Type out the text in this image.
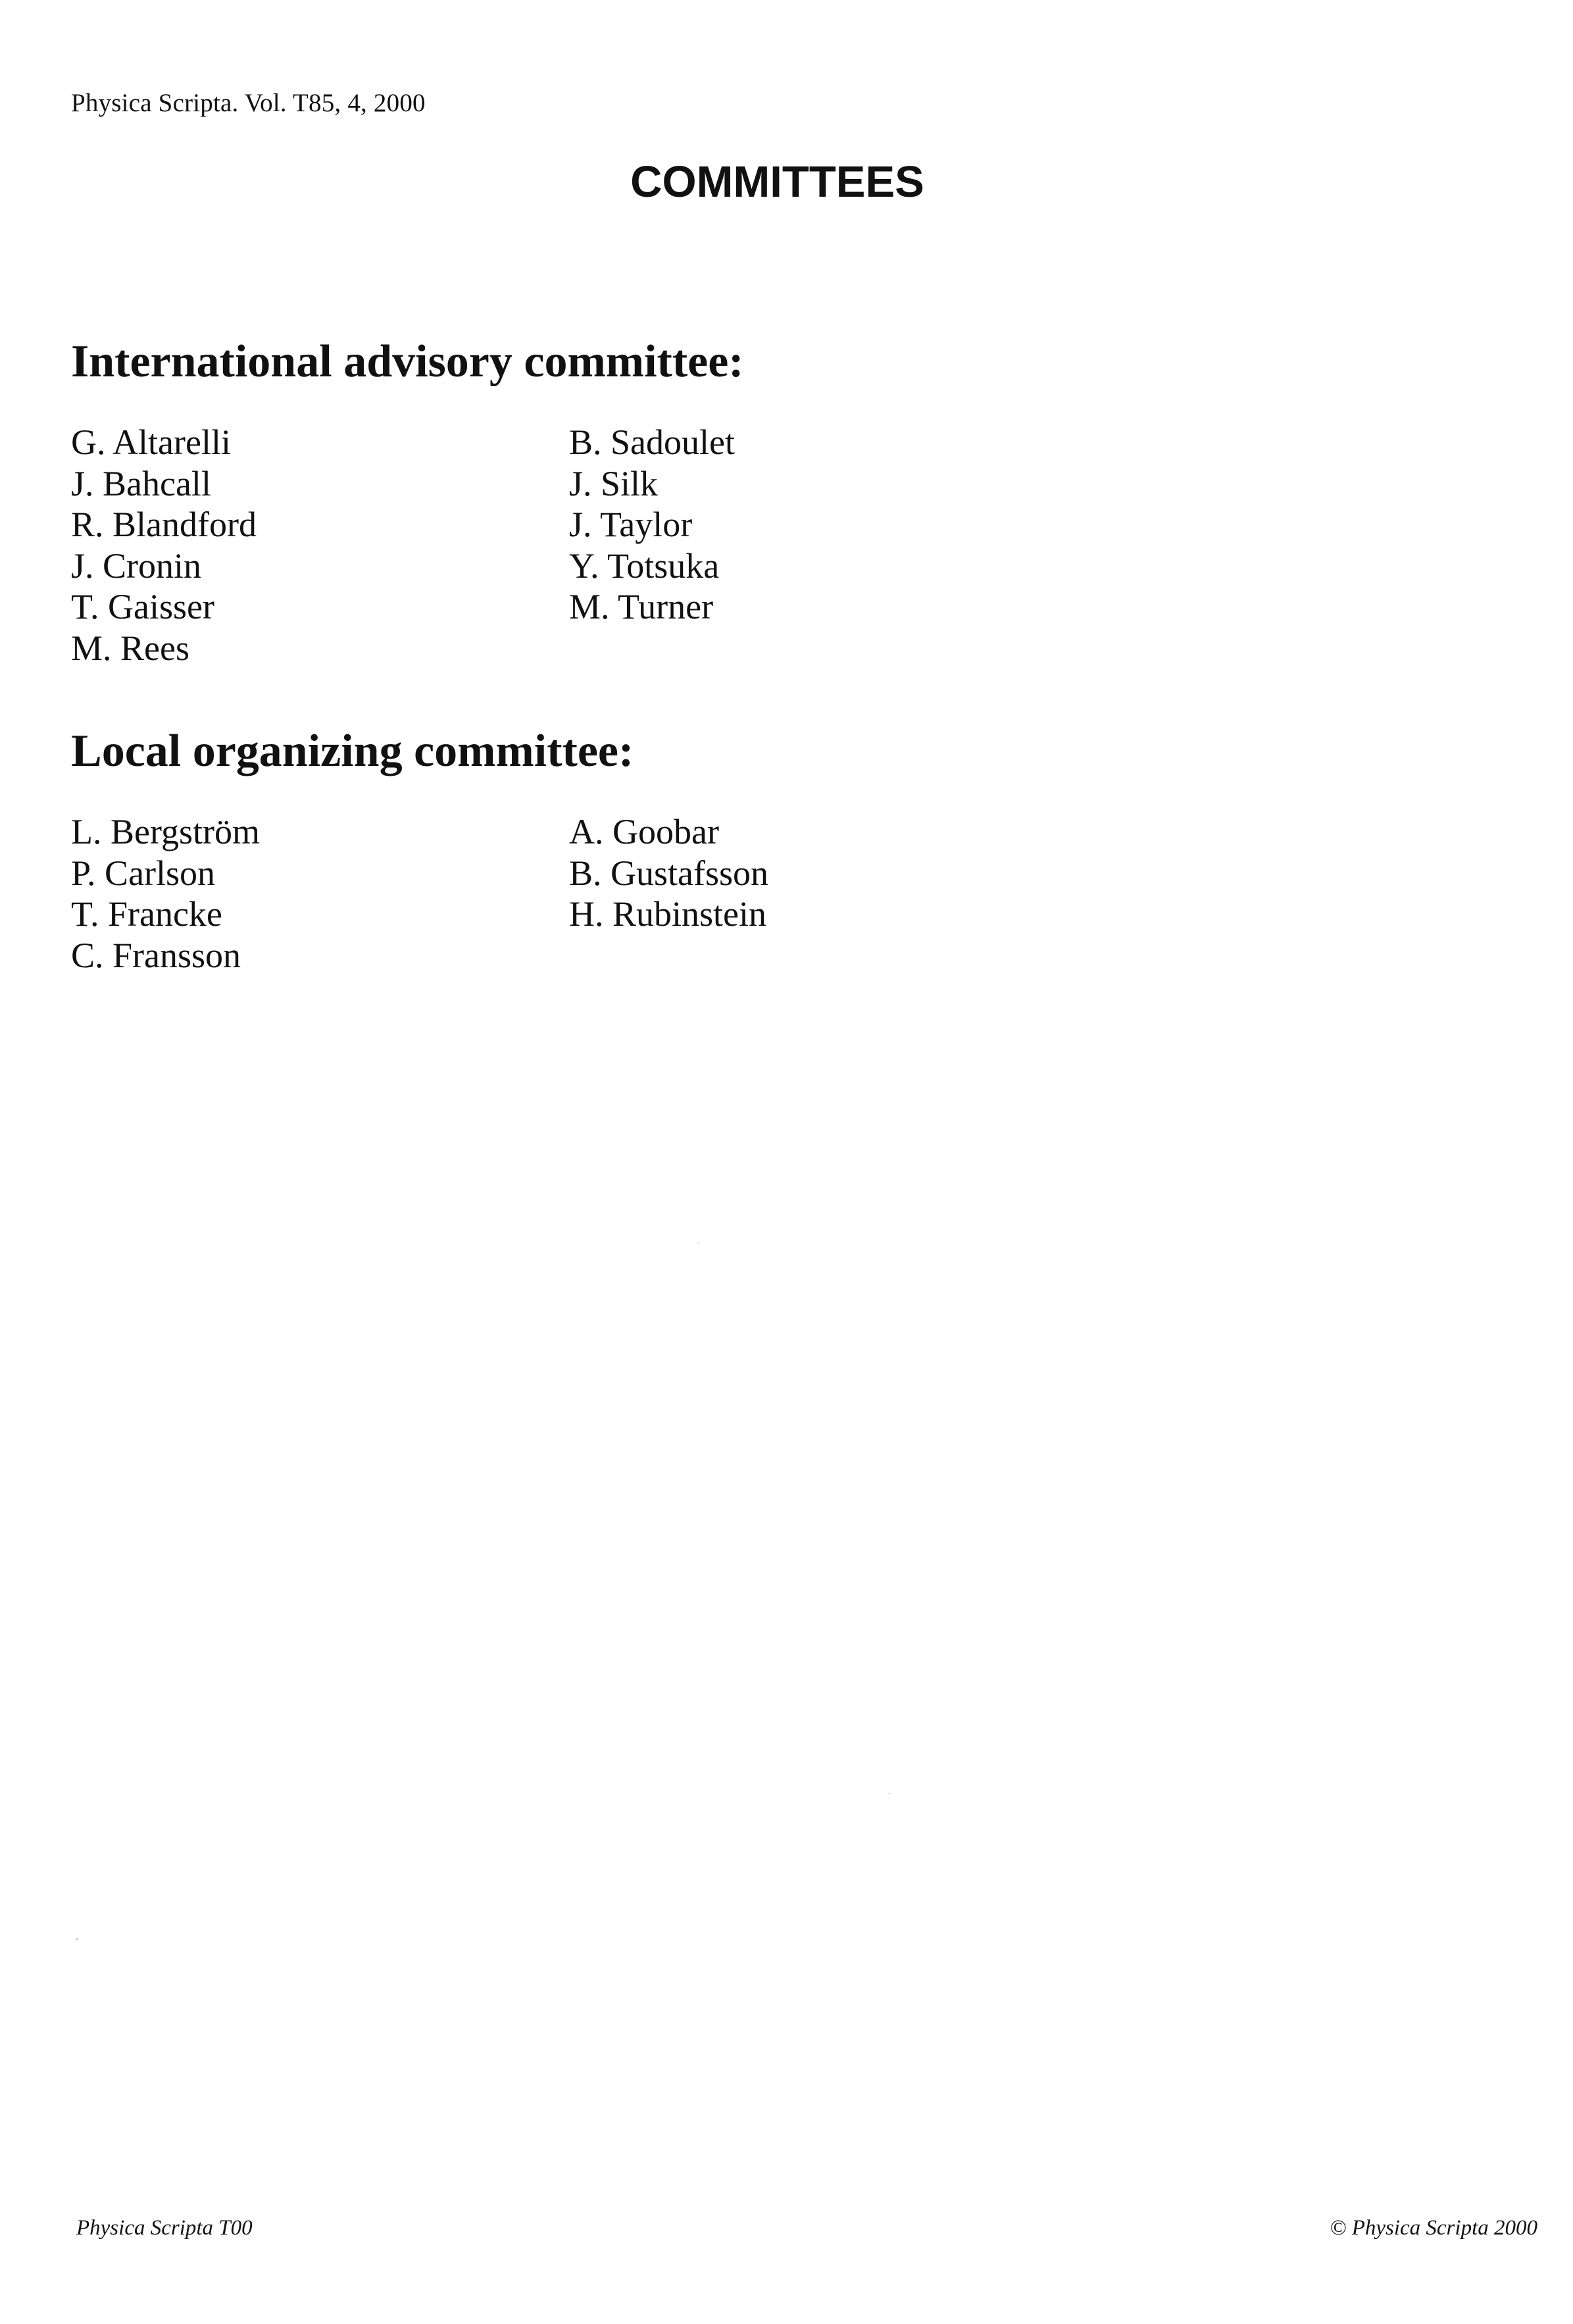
Physica Scripta. Vol. T85, 4, 2000
COMMITTEES
International advisory committee:
G. Altarelli
J. Bahcall
R. Blandford
J. Cronin
T. Gaisser
M. Rees
B. Sadoulet
J. Silk
J. Taylor
Y. Totsuka
M. Turner
Local organizing committee:
L. Bergström
P. Carlson
T. Francke
C. Fransson
A. Goobar
B. Gustafsson
H. Rubinstein
Physica Scripta T00	© Physica Scripta 2000
